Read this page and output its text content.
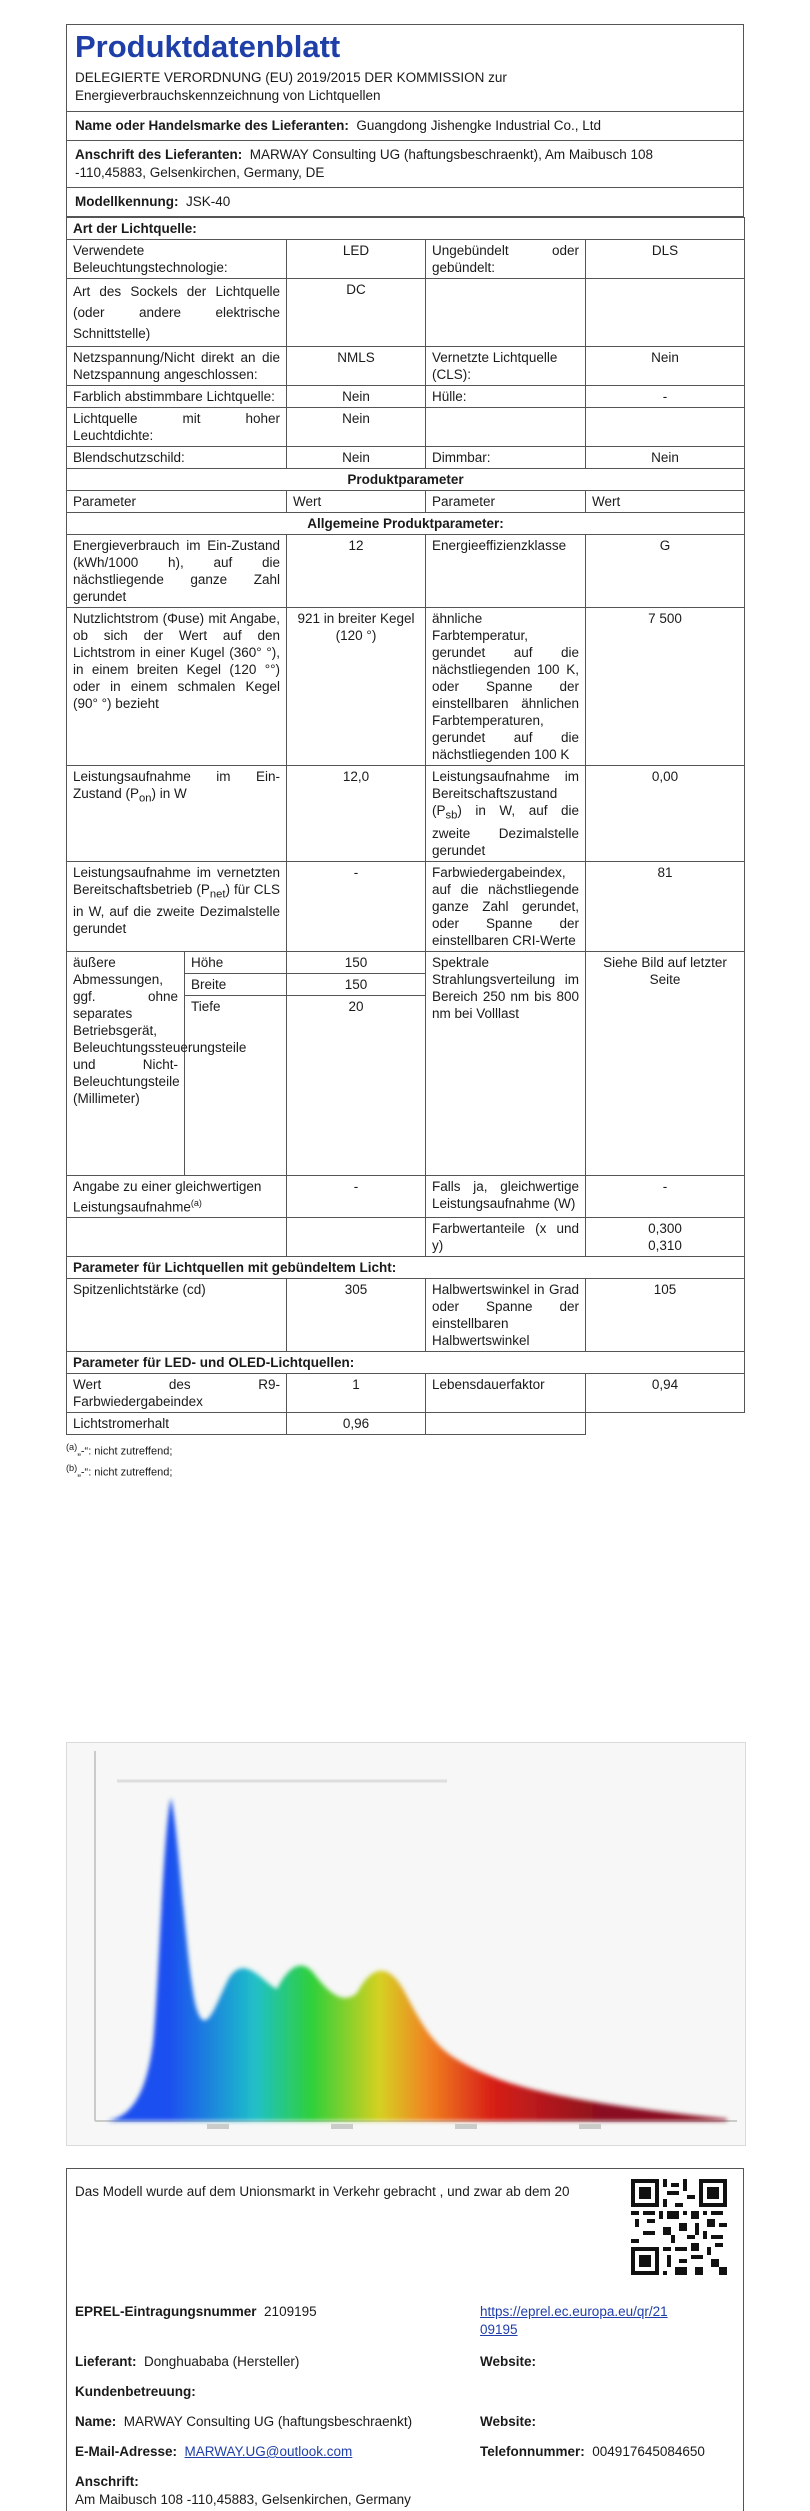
Produktdatenblatt
DELEGIERTE VERORDNUNG (EU) 2019/2015 DER KOMMISSION zur
Energieverbrauchskennzeichnung von Lichtquellen
Name oder Handelsmarke des Lieferanten: Guangdong Jishengke Industrial Co., Ltd
Anschrift des Lieferanten: MARWAY Consulting UG (haftungsbeschraenkt), Am Maibusch 108
-110,45883, Gelsenkirchen, Germany, DE
Modellkennung: JSK-40
Art der Lichtquelle:				
Verwendete Beleuchtungstechnologie:		LED	Ungebündelt oder gebündelt:	DLS
Art des Sockels der Lichtquelle (oder andere elektrische Schnittstelle)		DC		
Netzspannung/Nicht direkt an die Netzspannung angeschlossen:		NMLS	Vernetzte Lichtquelle (CLS):	Nein
Farblich abstimmbare Lichtquelle:		Nein	Hülle:	-
Lichtquelle mit hoher Leuchtdichte:		Nein		
Blendschutzschild:		Nein	Dimmbar:	Nein
Produktparameter				
Parameter		Wert	Parameter	Wert
Allgemeine Produktparameter:				
Energieverbrauch im Ein-Zustand (kWh/1000 h), auf die nächstliegende ganze Zahl gerundet		12	Energieeffizienzklasse	G
Nutzlichtstrom (Φuse) mit Angabe, ob sich der Wert auf den Lichtstrom in einer Kugel (360° °), in einem breiten Kegel (120 °°) oder in einem schmalen Kegel (90° °) bezieht		921 in breiter Kegel (120 °)	ähnliche Farbtemperatur, gerundet auf die nächstliegenden 100 K, oder Spanne der einstellbaren ähnlichen Farbtemperaturen, gerundet auf die nächstliegenden 100 K	7 500
Leistungsaufnahme im Ein-Zustand $(P_{on})$ in W		12,0	Leistungsaufnahme im Bereitschaftszustand $(P_{sb})$ in W, auf die zweite Dezimalstelle gerundet	0,00
Leistungsaufnahme im vernetzten Bereitschaftsbetrieb $(P_{net})$ für CLS in W, auf die zweite Dezimalstelle gerundet		-	Farbwiedergabeindex, auf die nächstliegende ganze Zahl gerundet, oder Spanne der einstellbaren CRI-Werte	81
äußere Abmessungen, ggf. ohne separates Betriebsgerät, Beleuchtungssteuerungsteile und Nicht-Beleuchtungsteile (Millimeter)	Höhe	150	Spektrale Strahlungsverteilung im Bereich 250 nm bis 800 nm bei Volllast	Siehe Bild auf letzter Seite
	Breite	150		
	Tiefe	20		
Angabe zu einer gleichwertigen Leistungsaufnahme$^{(a)}$		-	Falls ja, gleichwertige Leistungsaufnahme (W)	-
			Farbwertanteile (x und y)	0,300
0,310
Parameter für Lichtquellen mit gebündeltem Licht:				
Spitzenlichtstärke (cd)		305	Halbwertswinkel in Grad oder Spanne der einstellbaren Halbwertswinkel	105
Parameter für LED- und OLED-Lichtquellen:				
Wert des R9-Farbwiedergabeindex		1	Lebensdauerfaktor	0,94
Lichtstromerhalt		0,96		
$^{(a)}$„-“: nicht zutreffend;
$^{(b)}$„-“: nicht zutreffend;
Das Modell wurde auf dem Unionsmarkt in Verkehr gebracht , und zwar ab dem 20
EPREL-Eintragungsnummer 2109195	https://eprel.ec.europa.eu/qr/21
09195
Lieferant: Donghuababa (Hersteller)	Website:
Kundenbetreuung:
Name: MARWAY Consulting UG (haftungsbeschraenkt)	Website:
E-Mail-Adresse: MARWAY.UG@outlook.com	Telefonnummer: 004917645084650
Anschrift:
Am Maibusch 108 -110,45883, Gelsenkirchen, Germany
